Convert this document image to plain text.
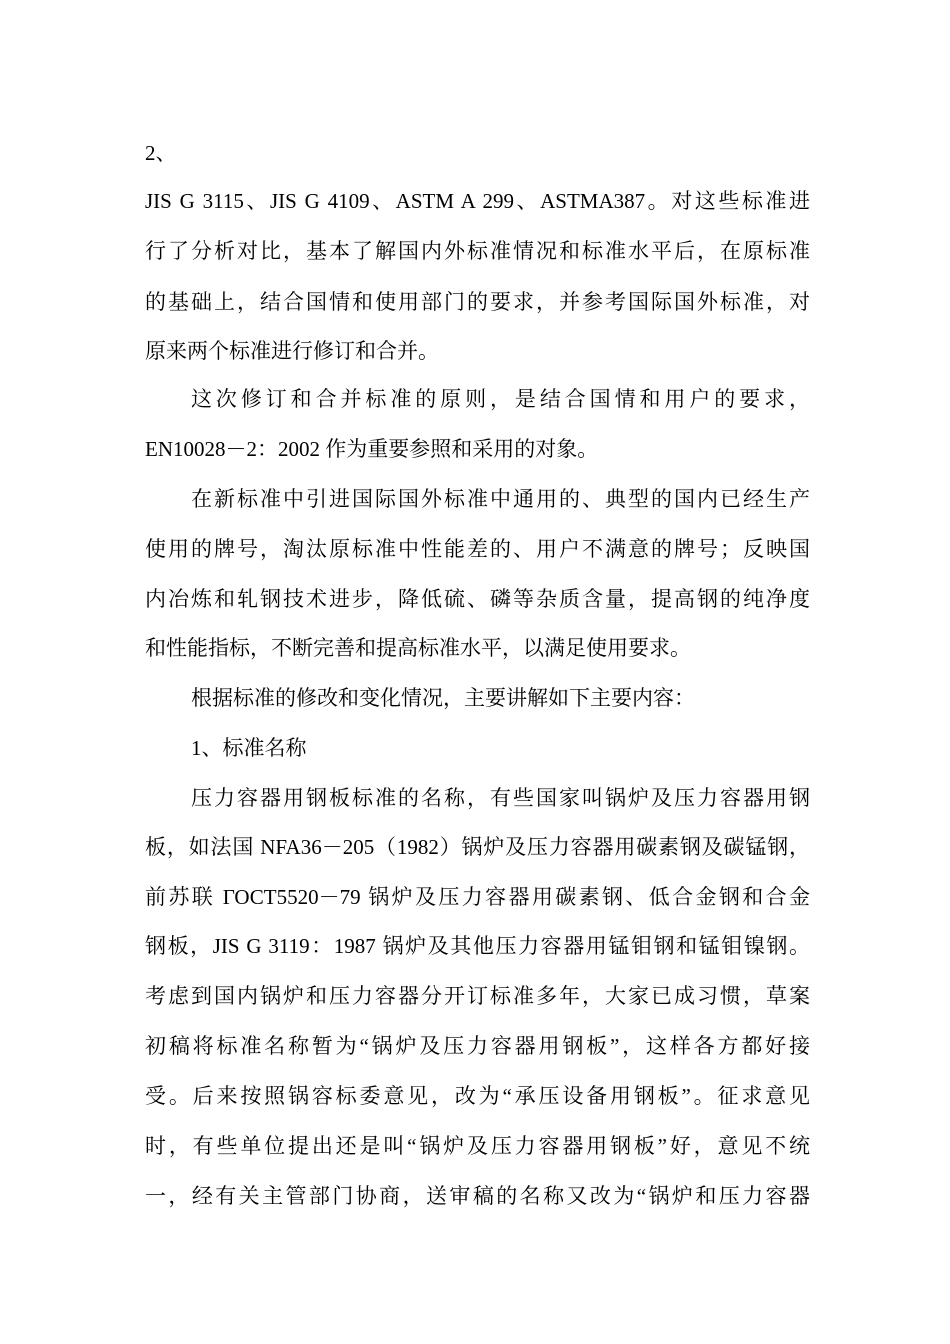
2、
JIS G 3115、JIS G 4109、ASTM A 299、ASTMA387。对这些标准进
行了分析对比，基本了解国内外标准情况和标准水平后，在原标准
的基础上，结合国情和使用部门的要求，并参考国际国外标准，对
原来两个标准进行修订和合并。
这次修订和合并标准的原则，是结合国情和用户的要求，
EN10028－2：2002 作为重要参照和采用的对象。
在新标准中引进国际国外标准中通用的、典型的国内已经生产
使用的牌号，淘汰原标准中性能差的、用户不满意的牌号；反映国
内冶炼和轧钢技术进步，降低硫、磷等杂质含量，提高钢的纯净度
和性能指标，不断完善和提高标准水平，以满足使用要求。
根据标准的修改和变化情况，主要讲解如下主要内容：
1、标准名称
压力容器用钢板标准的名称，有些国家叫锅炉及压力容器用钢
板，如法国 NFA36－205（1982）锅炉及压力容器用碳素钢及碳锰钢，
前苏联 ГОСТ5520－79 锅炉及压力容器用碳素钢、低合金钢和合金
钢板，JIS G 3119：1987 锅炉及其他压力容器用锰钼钢和锰钼镍钢。
考虑到国内锅炉和压力容器分开订标准多年，大家已成习惯，草案
初稿将标准名称暂为“锅炉及压力容器用钢板”，这样各方都好接
受。后来按照锅容标委意见，改为“承压设备用钢板”。征求意见
时，有些单位提出还是叫“锅炉及压力容器用钢板”好，意见不统
一，经有关主管部门协商，送审稿的名称又改为“锅炉和压力容器
